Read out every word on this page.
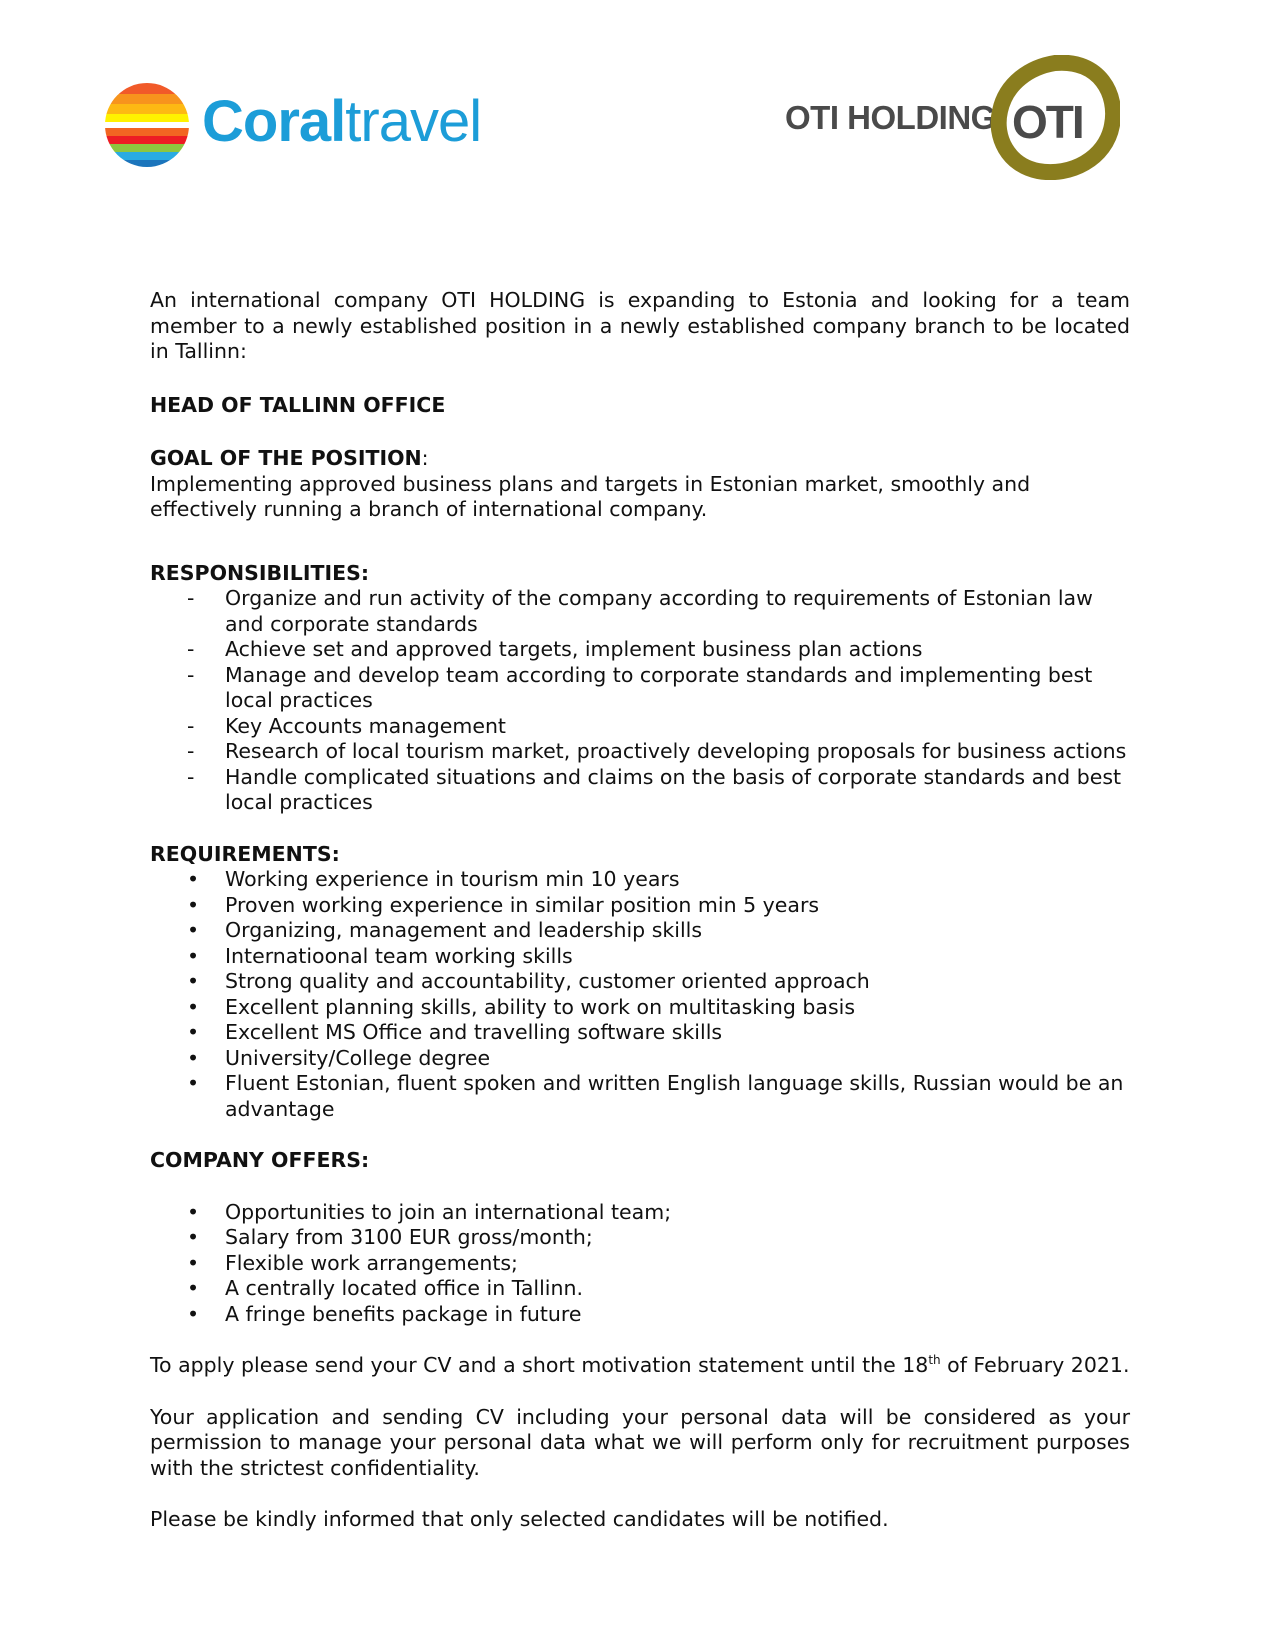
Coraltravel	OTI HOLDING OTI

An international company OTI HOLDING is expanding to Estonia and looking for a team member to a newly established position in a newly established company branch to be located in Tallinn:

HEAD OF TALLINN OFFICE

GOAL OF THE POSITION:

Implementing approved business plans and targets in Estonian market, smoothly and effectively running a branch of international company.

RESPONSIBILITIES:

- Organize and run activity of the company according to requirements of Estonian law and corporate standards
- Achieve set and approved targets, implement business plan actions
- Manage and develop team according to corporate standards and implementing best local practices
- Key Accounts management
- Research of local tourism market, proactively developing proposals for business actions
- Handle complicated situations and claims on the basis of corporate standards and best local practices

REQUIREMENTS:

• Working experience in tourism min 10 years
• Proven working experience in similar position min 5 years
• Organizing, management and leadership skills
• Internatioonal team working skills
• Strong quality and accountability, customer oriented approach
• Excellent planning skills, ability to work on multitasking basis
• Excellent MS Office and travelling software skills
• University/College degree
• Fluent Estonian, fluent spoken and written English language skills, Russian would be an advantage

COMPANY OFFERS:

• Opportunities to join an international team;
• Salary from 3100 EUR gross/month;
• Flexible work arrangements;
• A centrally located office in Tallinn.
• A fringe benefits package in future

To apply please send your CV and a short motivation statement until the 18th of February 2021.

Your application and sending CV including your personal data will be considered as your permission to manage your personal data what we will perform only for recruitment purposes with the strictest confidentiality.

Please be kindly informed that only selected candidates will be notified.
